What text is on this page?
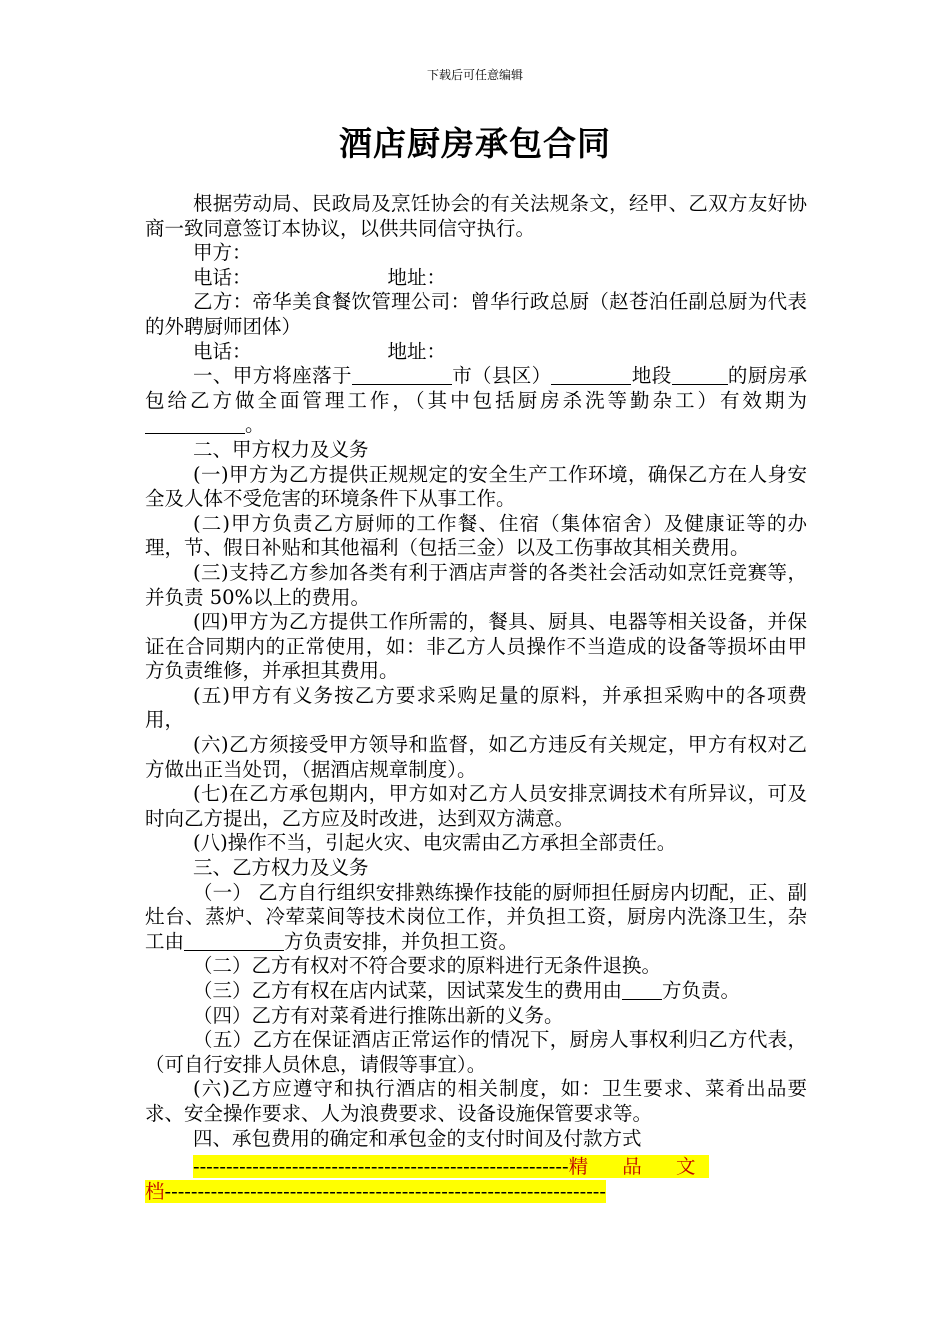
下载后可任意编辑
酒店厨房承包合同

根据劳动局、民政局及烹饪协会的有关法规条文，经甲、乙双方友好协商一致同意签订本协议，以供共同信守执行。

甲方：

电话：	地址：

乙方：帝华美食餐饮管理公司：曾华行政总厨（赵苍泊任副总厨为代表的外聘厨师团体）

电话：	地址：

一、甲方将座落于	市（县区）	地段	的厨房承包给乙方做全面管理工作，（其中包括厨房杀洗等勤杂工）有效期为。

二、甲方权力及义务

(一)甲方为乙方提供正规规定的安全生产工作环境，确保乙方在人身安全及人体不受危害的环境条件下从事工作。

(二)甲方负责乙方厨师的工作餐、住宿（集体宿舍）及健康证等的办理，节、假日补贴和其他福利（包括三金）以及工伤事故其相关费用。

(三)支持乙方参加各类有利于酒店声誉的各类社会活动如烹饪竞赛等，并负责 50%以上的费用。

(四)甲方为乙方提供工作所需的，餐具、厨具、电器等相关设备，并保证在合同期内的正常使用，如：非乙方人员操作不当造成的设备等损坏由甲方负责维修，并承担其费用。

(五)甲方有义务按乙方要求采购足量的原料，并承担采购中的各项费用，

(六)乙方须接受甲方领导和监督，如乙方违反有关规定，甲方有权对乙方做出正当处罚，（据酒店规章制度）。

(七)在乙方承包期内，甲方如对乙方人员安排烹调技术有所异议，可及时向乙方提出，乙方应及时改进，达到双方满意。

(八)操作不当，引起火灾、电灾需由乙方承担全部责任。

三、乙方权力及义务

（一） 乙方自行组织安排熟练操作技能的厨师担任厨房内切配，正、副灶台、蒸炉、冷荤菜间等技术岗位工作，并负担工资，厨房内洗涤卫生，杂工由	方负责安排，并负担工资。

（二）乙方有权对不符合要求的原料进行无条件退换。

（三）乙方有权在店内试菜，因试菜发生的费用由 方负责。

（四）乙方有对菜肴进行推陈出新的义务。

（五）乙方在保证酒店正常运作的情况下，厨房人事权利归乙方代表，（可自行安排人员休息，请假等事宜）。

(六)乙方应遵守和执行酒店的相关制度，如：卫生要求、菜肴出品要求、安全操作要求、人为浪费要求、设备设施保管要求等。

四、承包费用的确定和承包金的支付时间及付款方式

---------------------------------------------------------精 品 文

档-------------------------------------------------------------------
